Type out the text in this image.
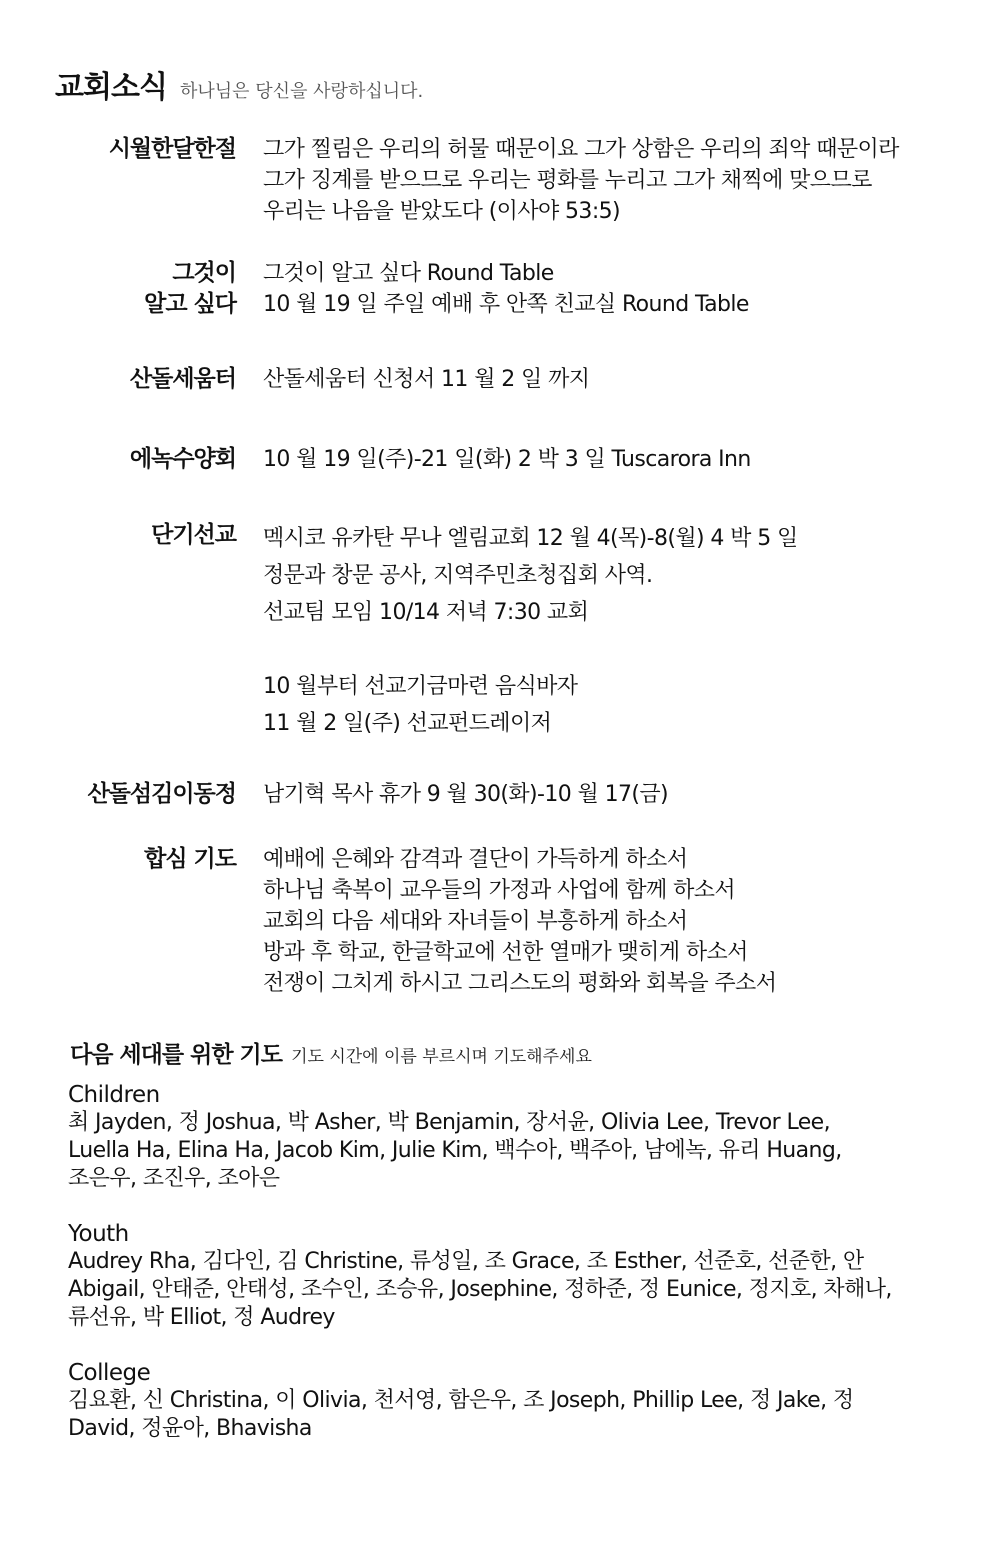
교회소식 하나님은 당신을 사랑하십니다.
시월한달한절 그가 찔림은 우리의 허물 때문이요 그가 상함은 우리의 죄악 때문이라
그가 징계를 받으므로 우리는 평화를 누리고 그가 채찍에 맞으므로
우리는 나음을 받았도다 (이사야 53:5)
그것이
알고 싶다
그것이 알고 싶다 Round Table
10 월 19 일 주일 예배 후 안쪽 친교실 Round Table
산돌세움터 산돌세움터 신청서 11 월 2 일 까지
에녹수양회 10 월 19 일(주)-21 일(화) 2 박 3 일 Tuscarora Inn
단기선교 멕시코 유카탄 무나 엘림교회 12 월 4(목)-8(월) 4 박 5 일
정문과 창문 공사, 지역주민초청집회 사역.
선교팀 모임 10/14 저녁 7:30 교회
10 월부터 선교기금마련 음식바자
11 월 2 일(주) 선교펀드레이저
산돌섬김이동정 남기혁 목사 휴가 9 월 30(화)-10 월 17(금)
합심 기도 예배에 은혜와 감격과 결단이 가득하게 하소서
하나님 축복이 교우들의 가정과 사업에 함께 하소서
교회의 다음 세대와 자녀들이 부흥하게 하소서
방과 후 학교, 한글학교에 선한 열매가 맺히게 하소서
전쟁이 그치게 하시고 그리스도의 평화와 회복을 주소서
다음 세대를 위한 기도 기도 시간에 이름 부르시며 기도해주세요
Children
최 Jayden, 정 Joshua, 박 Asher, 박 Benjamin, 장서윤, Olivia Lee, Trevor Lee,
Luella Ha, Elina Ha, Jacob Kim, Julie Kim, 백수아, 백주아, 남에녹, 유리 Huang,
조은우, 조진우, 조아은
Youth
Audrey Rha, 김다인, 김 Christine, 류성일, 조 Grace, 조 Esther, 선준호, 선준한, 안
Abigail, 안태준, 안태성, 조수인, 조승유, Josephine, 정하준, 정 Eunice, 정지호, 차해나,
류선유, 박 Elliot, 정 Audrey
College
김요환, 신 Christina, 이 Olivia, 천서영, 함은우, 조 Joseph, Phillip Lee, 정 Jake, 정
David, 정윤아, Bhavisha
